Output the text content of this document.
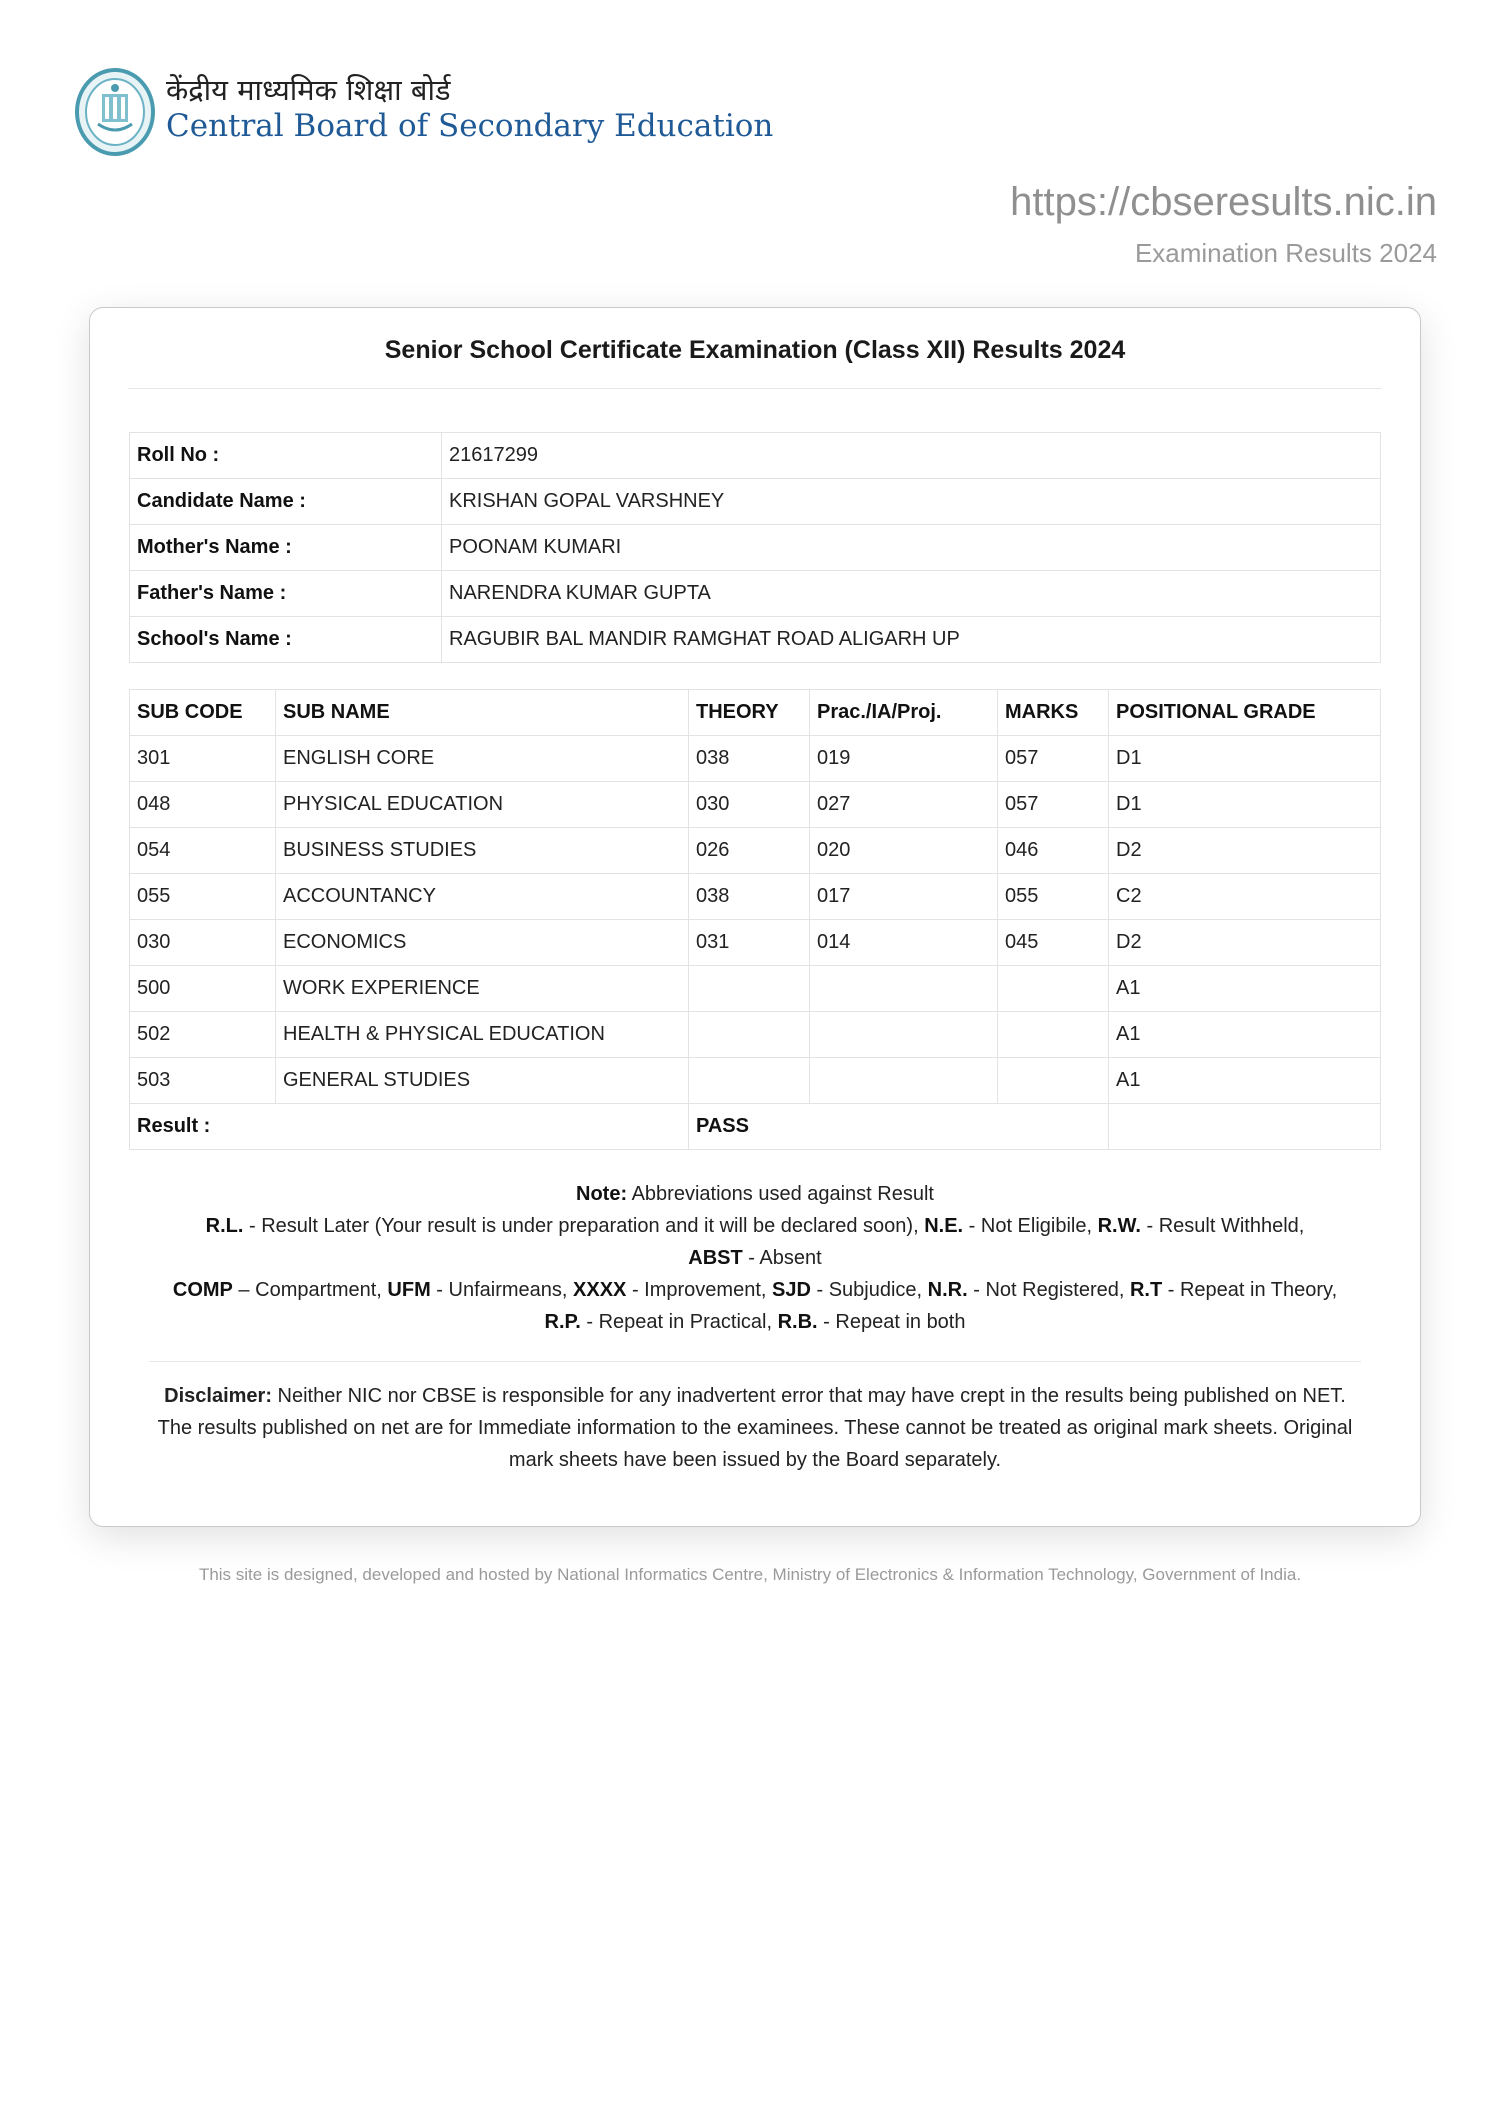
केंद्रीय माध्यमिक शिक्षा बोर्ड
Central Board of Secondary Education
https://cbseresults.nic.in
Examination Results 2024
Senior School Certificate Examination (Class XII) Results 2024
Roll No :	21617299
Candidate Name :	KRISHAN GOPAL VARSHNEY
Mother's Name :	POONAM KUMARI
Father's Name :	NARENDRA KUMAR GUPTA
School's Name :	RAGUBIR BAL MANDIR RAMGHAT ROAD ALIGARH UP
SUB CODE	SUB NAME	THEORY	Prac./IA/Proj.	MARKS	POSITIONAL GRADE
301	ENGLISH CORE	038	019	057	D1
048	PHYSICAL EDUCATION	030	027	057	D1
054	BUSINESS STUDIES	026	020	046	D2
055	ACCOUNTANCY	038	017	055	C2
030	ECONOMICS	031	014	045	D2
500	WORK EXPERIENCE				A1
502	HEALTH & PHYSICAL EDUCATION				A1
503	GENERAL STUDIES				A1
Result :		PASS			
Note: Abbreviations used against Result
R.L. - Result Later (Your result is under preparation and it will be declared soon), N.E. - Not Eligibile, R.W. - Result Withheld,
ABST - Absent
COMP – Compartment, UFM - Unfairmeans, XXXX - Improvement, SJD - Subjudice, N.R. - Not Registered, R.T - Repeat in Theory, R.P. - Repeat in Practical, R.B. - Repeat in both
Disclaimer: Neither NIC nor CBSE is responsible for any inadvertent error that may have crept in the results being published on NET. The results published on net are for Immediate information to the examinees. These cannot be treated as original mark sheets. Original mark sheets have been issued by the Board separately.
This site is designed, developed and hosted by National Informatics Centre, Ministry of Electronics & Information Technology, Government of India.
